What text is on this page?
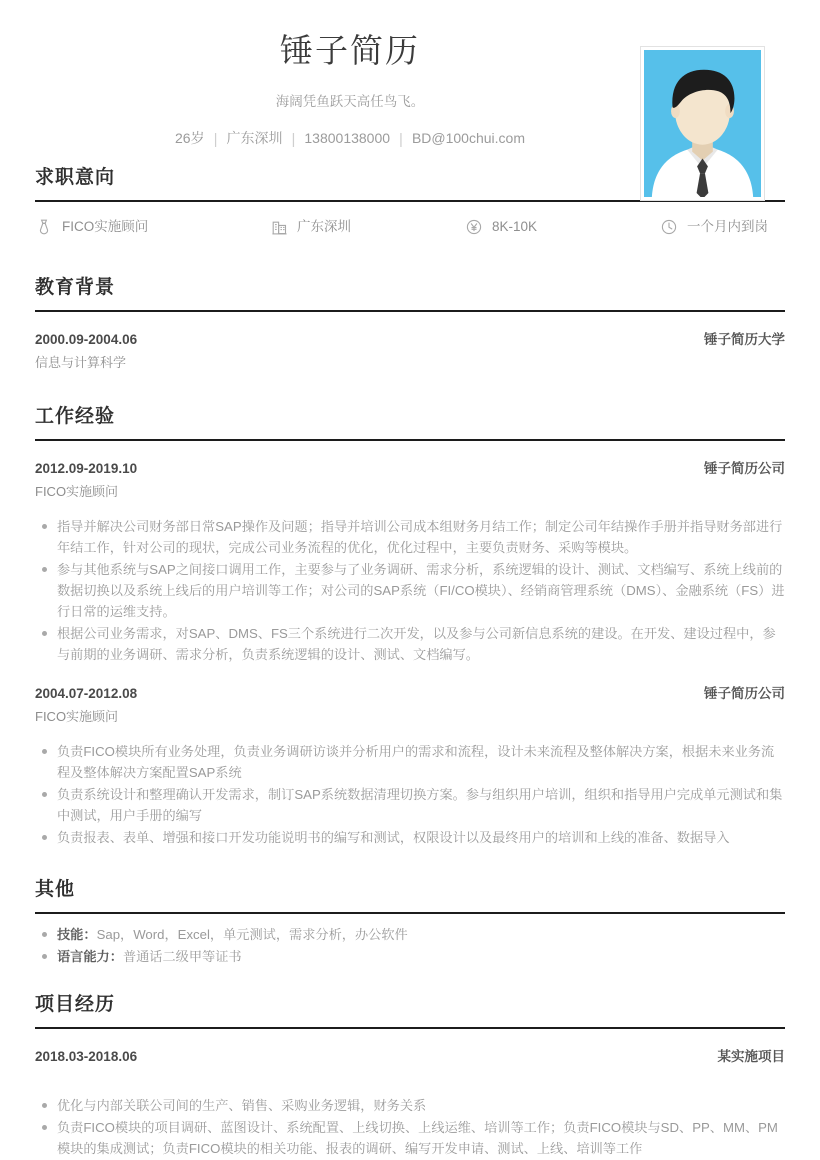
锤子简历
海阔凭鱼跃天高任鸟飞。
26岁 | 广东深圳 | 13800138000 | BD@100chui.com
求职意向
FICO实施顾问	广东深圳	8K-10K	一个月内到岗
教育背景
2000.09-2004.06	锤子简历大学
信息与计算科学
工作经验
2012.09-2019.10	锤子简历公司
FICO实施顾问
指导并解决公司财务部日常SAP操作及问题；指导并培训公司成本组财务月结工作；制定公司年结操作手册并指导财务部进行年结工作，针对公司的现状，完成公司业务流程的优化，优化过程中，主要负责财务、采购等模块。
参与其他系统与SAP之间接口调用工作，主要参与了业务调研、需求分析，系统逻辑的设计、测试、文档编写、系统上线前的数据切换以及系统上线后的用户培训等工作；对公司的SAP系统（FI/CO模块）、经销商管理系统（DMS）、金融系统（FS）进行日常的运维支持。
根据公司业务需求，对SAP、DMS、FS三个系统进行二次开发，以及参与公司新信息系统的建设。在开发、建设过程中，参与前期的业务调研、需求分析，负责系统逻辑的设计、测试、文档编写。
2004.07-2012.08	锤子简历公司
FICO实施顾问
负责FICO模块所有业务处理，负责业务调研访谈并分析用户的需求和流程，设计未来流程及整体解决方案，根据未来业务流程及整体解决方案配置SAP系统
负责系统设计和整理确认开发需求，制订SAP系统数据清理切换方案。参与组织用户培训，组织和指导用户完成单元测试和集中测试，用户手册的编写
负责报表、表单、增强和接口开发功能说明书的编写和测试，权限设计以及最终用户的培训和上线的准备、数据导入
其他
技能：Sap，Word，Excel，单元测试，需求分析，办公软件
语言能力：普通话二级甲等证书
项目经历
2018.03-2018.06	某实施项目
优化与内部关联公司间的生产、销售、采购业务逻辑，财务关系
负责FICO模块的项目调研、蓝图设计、系统配置、上线切换、上线运维、培训等工作；负责FICO模块与SD、PP、MM、PM模块的集成测试；负责FICO模块的相关功能、报表的调研、编写开发申请、测试、上线、培训等工作
